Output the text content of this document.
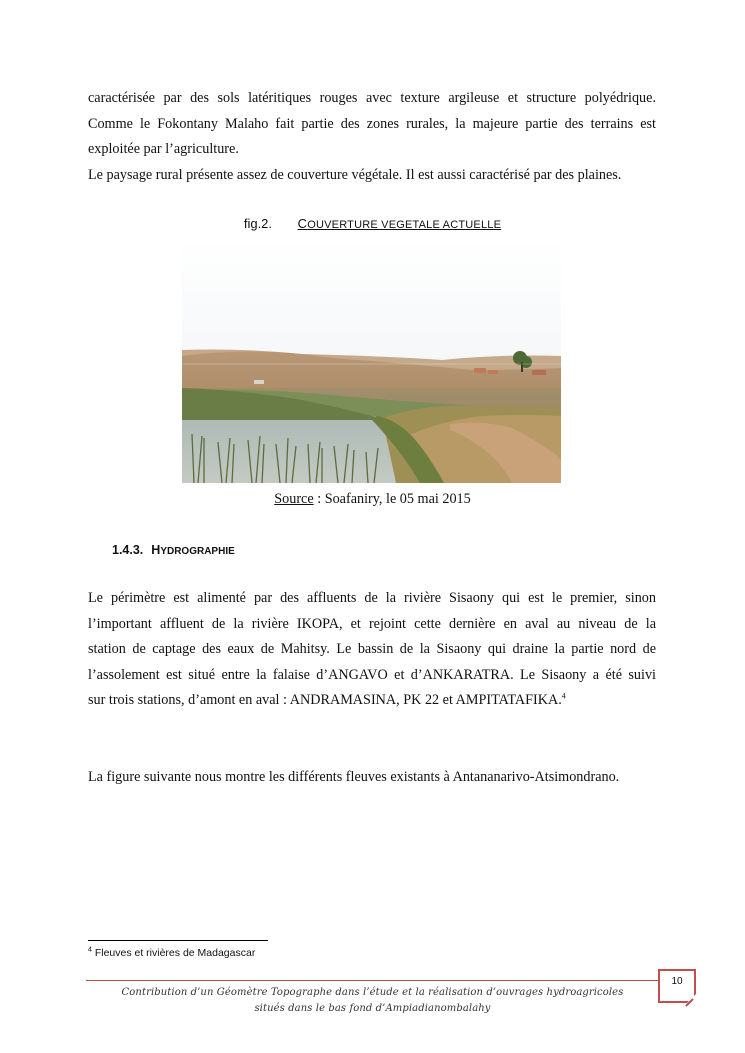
caractérisée par des sols latéritiques rouges avec texture argileuse et structure polyédrique.
Comme le Fokontany Malaho fait partie des zones rurales, la majeure partie des terrains est
exploitée par l’agriculture.
Le paysage rural présente assez de couverture végétale. Il est aussi caractérisé par des plaines.
fig.2. COUVERTURE VEGETALE ACTUELLE
Source : Soafaniry, le 05 mai 2015
1.4.3. HYDROGRAPHIE
Le périmètre est alimenté par des affluents de la rivière Sisaony qui est le premier, sinon
l’important affluent de la rivière IKOPA, et rejoint cette dernière en aval au niveau de la
station de captage des eaux de Mahitsy. Le bassin de la Sisaony qui draine la partie nord de
l’assolement est situé entre la falaise d’ANGAVO et d’ANKARATRA. Le Sisaony a été suivi
sur trois stations, d’amont en aval : ANDRAMASINA, PK 22 et AMPITATAFIKA.$^4$
La figure suivante nous montre les différents fleuves existants à Antananarivo-Atsimondrano.
$^4$ Fleuves et rivières de Madagascar
10
Contribution d’un Géomètre Topographe dans l’étude et la réalisation d’ouvrages hydroagricoles situés dans le bas fond d’Ampiadianombalahy
